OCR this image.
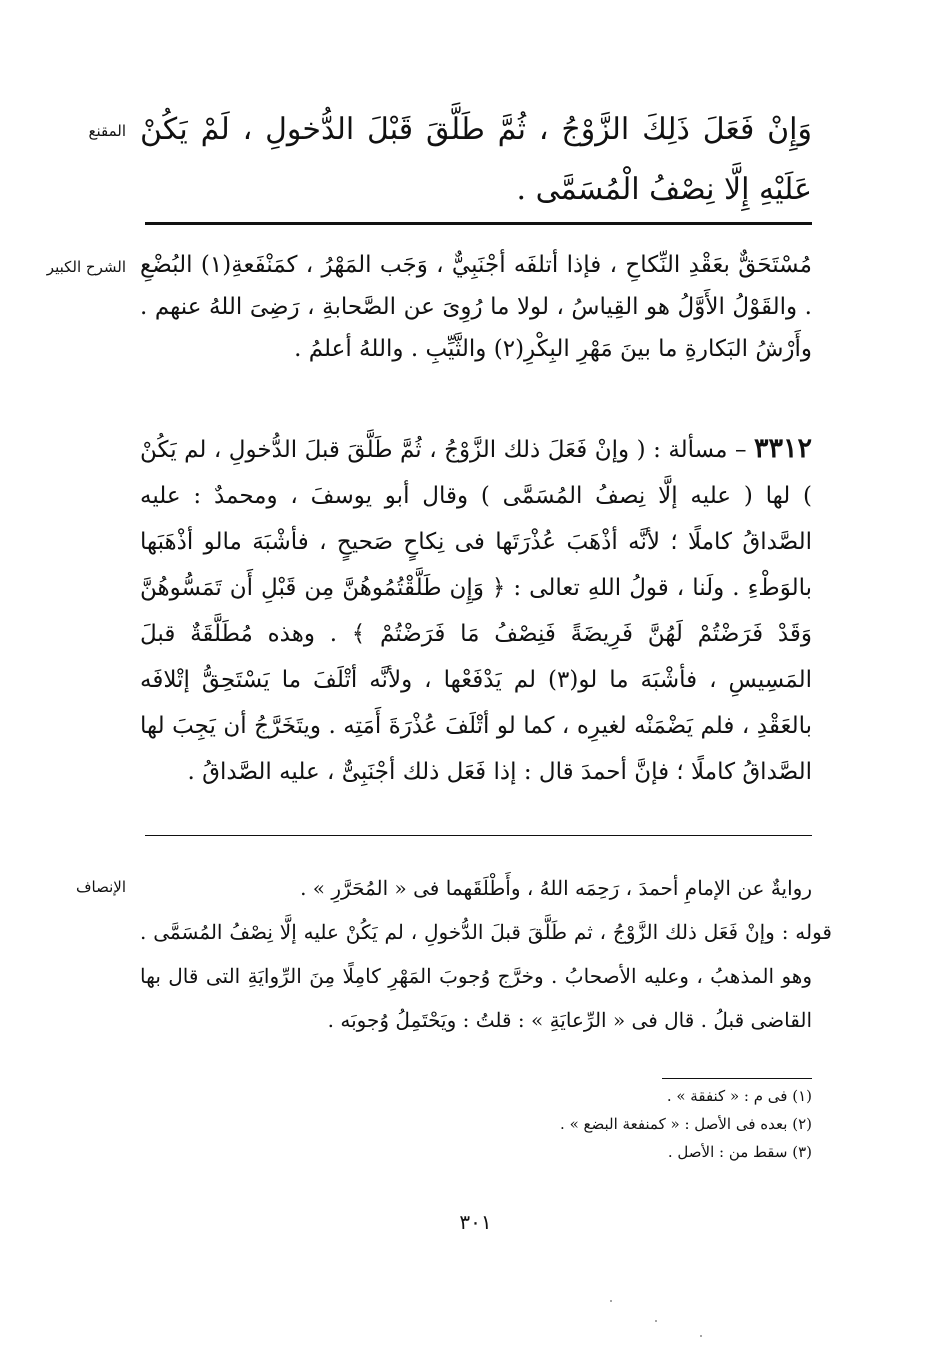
المقنع وَإِنْ فَعَلَ ذَلِكَ الزَّوْجُ ، ثُمَّ طَلَّقَ قَبْلَ الدُّخولِ ، لَمْ يَكُنْ عَلَيْهِ إِلَّا نِصْفُ الْمُسَمَّى .

الشرح الكبير مُسْتَحَقٌّ بعَقْدِ النِّكاحِ ، فإذا أتلفَه أجْنَبِيٌّ ، وَجَب المَهْرُ ، كمَنْفَعةِ(١) البُضْعِ . والقَوْلُ الأَوَّلُ هو القِياسُ ، لولا ما رُوِىَ عن الصَّحابةِ ، رَضِىَ اللهُ عنهم . وأَرْشُ البَكارةِ ما بينَ مَهْرِ البِكْرِ(٢) والثَّيِّبِ . واللهُ أعلمُ .

٣٣١٢ – مسألة : ( وإنْ فَعَلَ ذلك الزَّوْجُ ، ثُمَّ طَلَّقَ قبلَ الدُّخولِ ، لم يَكُنْ ) لها ( عليه إلَّا نِصفُ المُسَمَّى ) وقال أبو يوسفَ ، ومحمدٌ : عليه الصَّداقُ كاملًا ؛ لأنَّه أذْهَبَ عُذْرَتَها فى نِكاحٍ صَحيحٍ ، فأشْبَهَ مالو أذْهَبَها بالوَطْءِ . ولَنا ، قولُ اللهِ تعالى : ﴿ وَإِن طَلَّقْتُمُوهُنَّ مِن قَبْلِ أَن تَمَسُّوهُنَّ وَقَدْ فَرَضْتُمْ لَهُنَّ فَرِيضَةً فَنِصْفُ مَا فَرَضْتُمْ ﴾ . وهذه مُطَلَّقَةٌ قبلَ المَسِيسِ ، فأشْبَهَ ما لو(٣) لم يَدْفَعْها ، ولأنَّه أتْلَفَ ما يَسْتَحِقُّ إتْلافَه بالعَقْدِ ، فلم يَضْمَنْه لغيرِه ، كما لو أتْلَفَ عُذْرَةَ أَمَتِه . ويتَخَرَّجُ أن يَجِبَ لها الصَّداقُ كاملًا ؛ فإنَّ أحمدَ قال : إذا فَعَل ذلك أجْنَبِىٌّ ، عليه الصَّداقُ .

الإنصاف	روايةٌ عن الإمامِ أحمدَ ، رَحِمَه اللهُ ، وأَطْلَقَهما فى « المُحَرَّرِ » .

قوله : وإنْ فَعَل ذلك الزَّوْجُ ، ثم طَلَّقَ قبلَ الدُّخولِ ، لم يَكُنْ عليه إلَّا نِصْفُ المُسَمَّى . وهو المذهبُ ، وعليه الأصحابُ . وخرَّج وُجوبَ المَهْرِ كامِلًا مِنَ الرِّوايَةِ التى قال بها القاضى قبلُ . قال فى « الرِّعايَةِ » : قلتُ : ويَحْتَمِلُ وُجوبَه .

(١) فى م : « كنفقة » .
(٢) بعده فى الأصل : « كمنفعة البضع » .
(٣) سقط من : الأصل .
٣٠١
